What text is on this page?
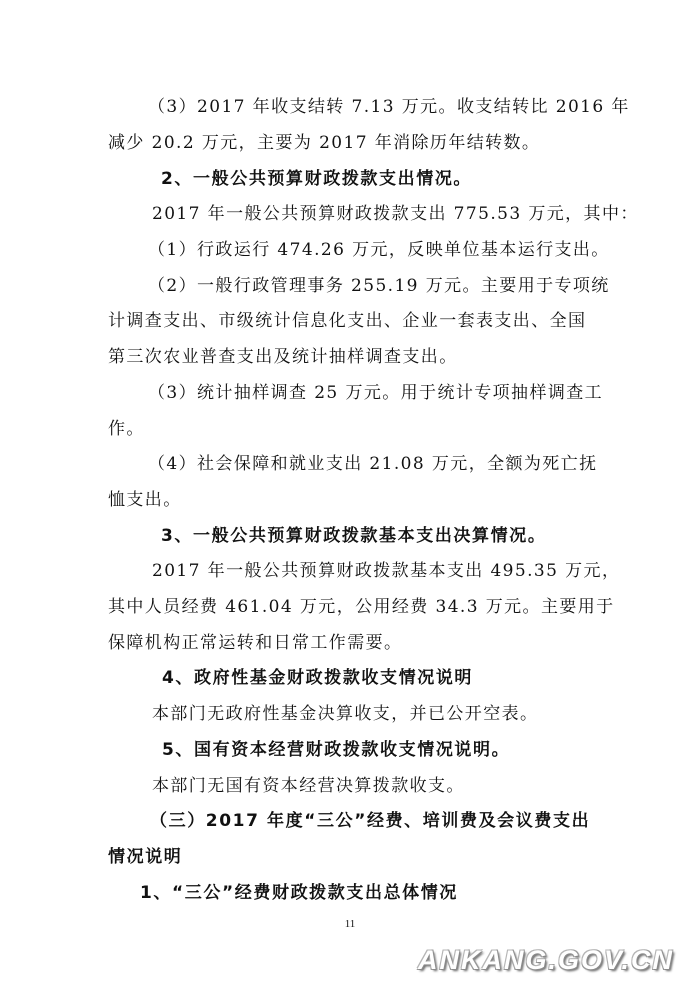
（3）2017 年收支结转 7.13 万元。收支结转比 2016 年
减少 20.2 万元，主要为 2017 年消除历年结转数。
2、一般公共预算财政拨款支出情况。
2017 年一般公共预算财政拨款支出 775.53 万元，其中：
（1）行政运行 474.26 万元，反映单位基本运行支出。
（2）一般行政管理事务 255.19 万元。主要用于专项统
计调查支出、市级统计信息化支出、企业一套表支出、全国
第三次农业普查支出及统计抽样调查支出。
（3）统计抽样调查 25 万元。用于统计专项抽样调查工
作。
（4）社会保障和就业支出 21.08 万元，全额为死亡抚
恤支出。
3、一般公共预算财政拨款基本支出决算情况。
2017 年一般公共预算财政拨款基本支出 495.35 万元，
其中人员经费 461.04 万元，公用经费 34.3 万元。主要用于
保障机构正常运转和日常工作需要。
4、政府性基金财政拨款收支情况说明
本部门无政府性基金决算收支，并已公开空表。
5、国有资本经营财政拨款收支情况说明。
本部门无国有资本经营决算拨款收支。
（三）2017 年度“三公”经费、培训费及会议费支出
情况说明
1、“三公”经费财政拨款支出总体情况
11
ANKANG.GOV.CN
